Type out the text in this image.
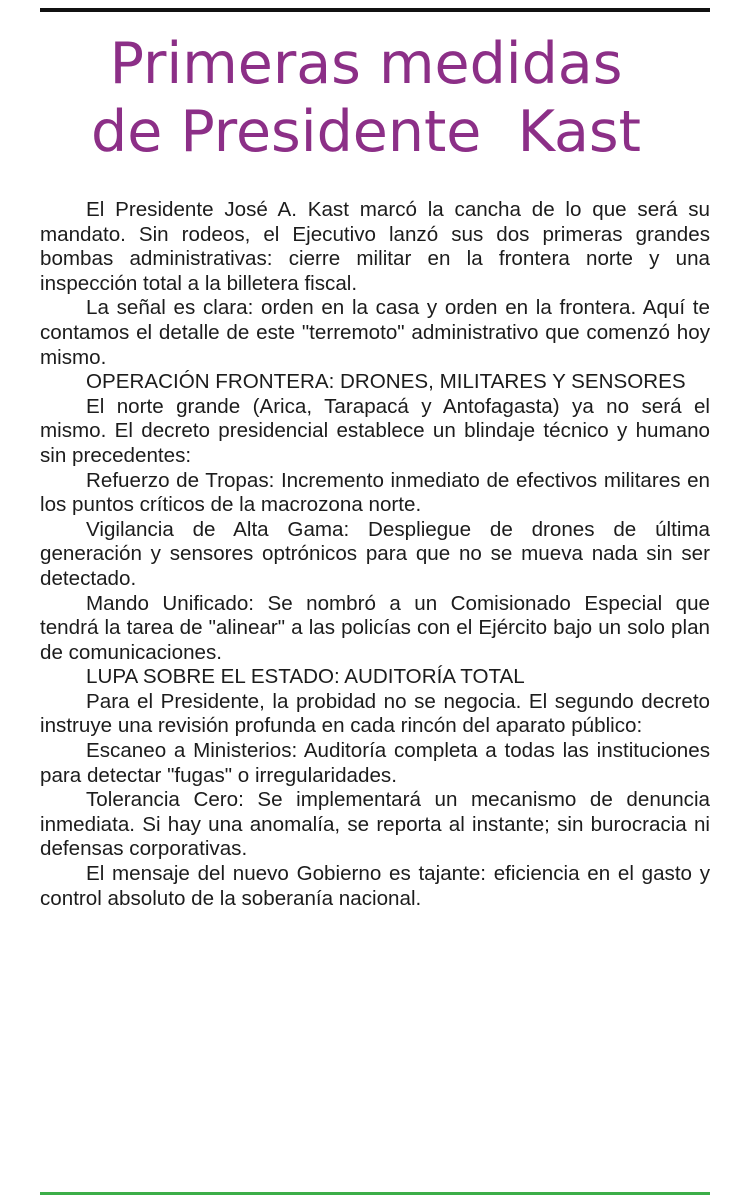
Primeras medidas
de Presidente  Kast

El Presidente José A. Kast marcó la cancha de lo que será su mandato. Sin rodeos, el Ejecutivo lanzó sus dos primeras grandes bombas administrativas: cierre militar en la frontera norte y una inspección total a la billetera fiscal.

La señal es clara: orden en la casa y orden en la frontera. Aquí te contamos el detalle de este "terremoto" administrativo que comenzó hoy mismo.

OPERACIÓN FRONTERA: DRONES, MILITARES Y SENSORES

El norte grande (Arica, Tarapacá y Antofagasta) ya no será el mismo. El decreto presidencial establece un blindaje técnico y humano sin precedentes:

Refuerzo de Tropas: Incremento inmediato de efectivos militares en los puntos críticos de la macrozona norte.

Vigilancia de Alta Gama: Despliegue de drones de última generación y sensores optrónicos para que no se mueva nada sin ser detectado.

Mando Unificado: Se nombró a un Comisionado Especial que tendrá la tarea de "alinear" a las policías con el Ejército bajo un solo plan de comunicaciones.

LUPA SOBRE EL ESTADO: AUDITORÍA TOTAL

Para el Presidente, la probidad no se negocia. El segundo decreto instruye una revisión profunda en cada rincón del aparato público:

Escaneo a Ministerios: Auditoría completa a todas las instituciones para detectar "fugas" o irregularidades.

Tolerancia Cero: Se implementará un mecanismo de denuncia inmediata. Si hay una anomalía, se reporta al instante; sin burocracia ni defensas corporativas.

El mensaje del nuevo Gobierno es tajante: eficiencia en el gasto y control absoluto de la soberanía nacional.
